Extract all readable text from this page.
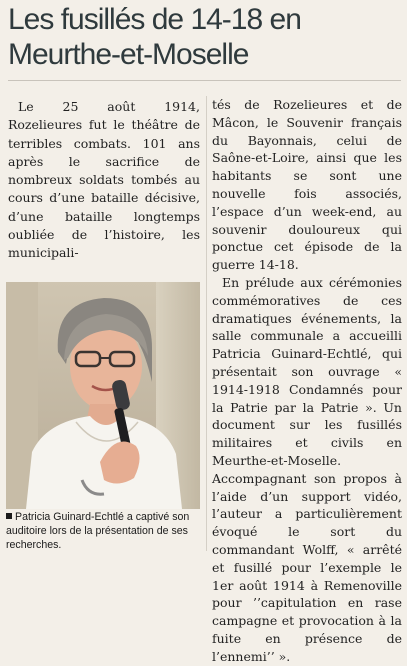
Les fusillés de 14-18 en Meurthe-et-Moselle

Le 25 août 1914, Rozelieures fut le théâtre de terribles combats. 101 ans après le sacrifice de nombreux soldats tombés au cours d’une bataille décisive, d’une bataille longtemps oubliée de l’histoire, les municipali-

tés de Rozelieures et de Mâcon, le Souvenir français du Bayonnais, celui de Saône-et-Loire, ainsi que les habitants se sont une nouvelle fois associés, l’espace d’un week-end, au souvenir douloureux qui ponctue cet épisode de la guerre 14-18.

En prélude aux cérémonies commémoratives de ces dramatiques événements, la salle communale a accueilli Patricia Guinard-Echtlé, qui présentait son ouvrage « 1914-1918 Condamnés pour la Patrie par la Patrie ». Un document sur les fusillés militaires et civils en Meurthe-et-Moselle. Accompagnant son propos à l’aide d’un support vidéo, l’auteur a particulièrement évoqué le sort du commandant Wolff, « arrêté et fusillé pour l’exemple le 1er août 1914 à Remenoville pour ’’capitulation en rase campagne et provocation à la fuite en présence de l’ennemi’’ ».

Patricia Guinard-Echtlé a captivé son auditoire lors de la présentation de ses recherches.
